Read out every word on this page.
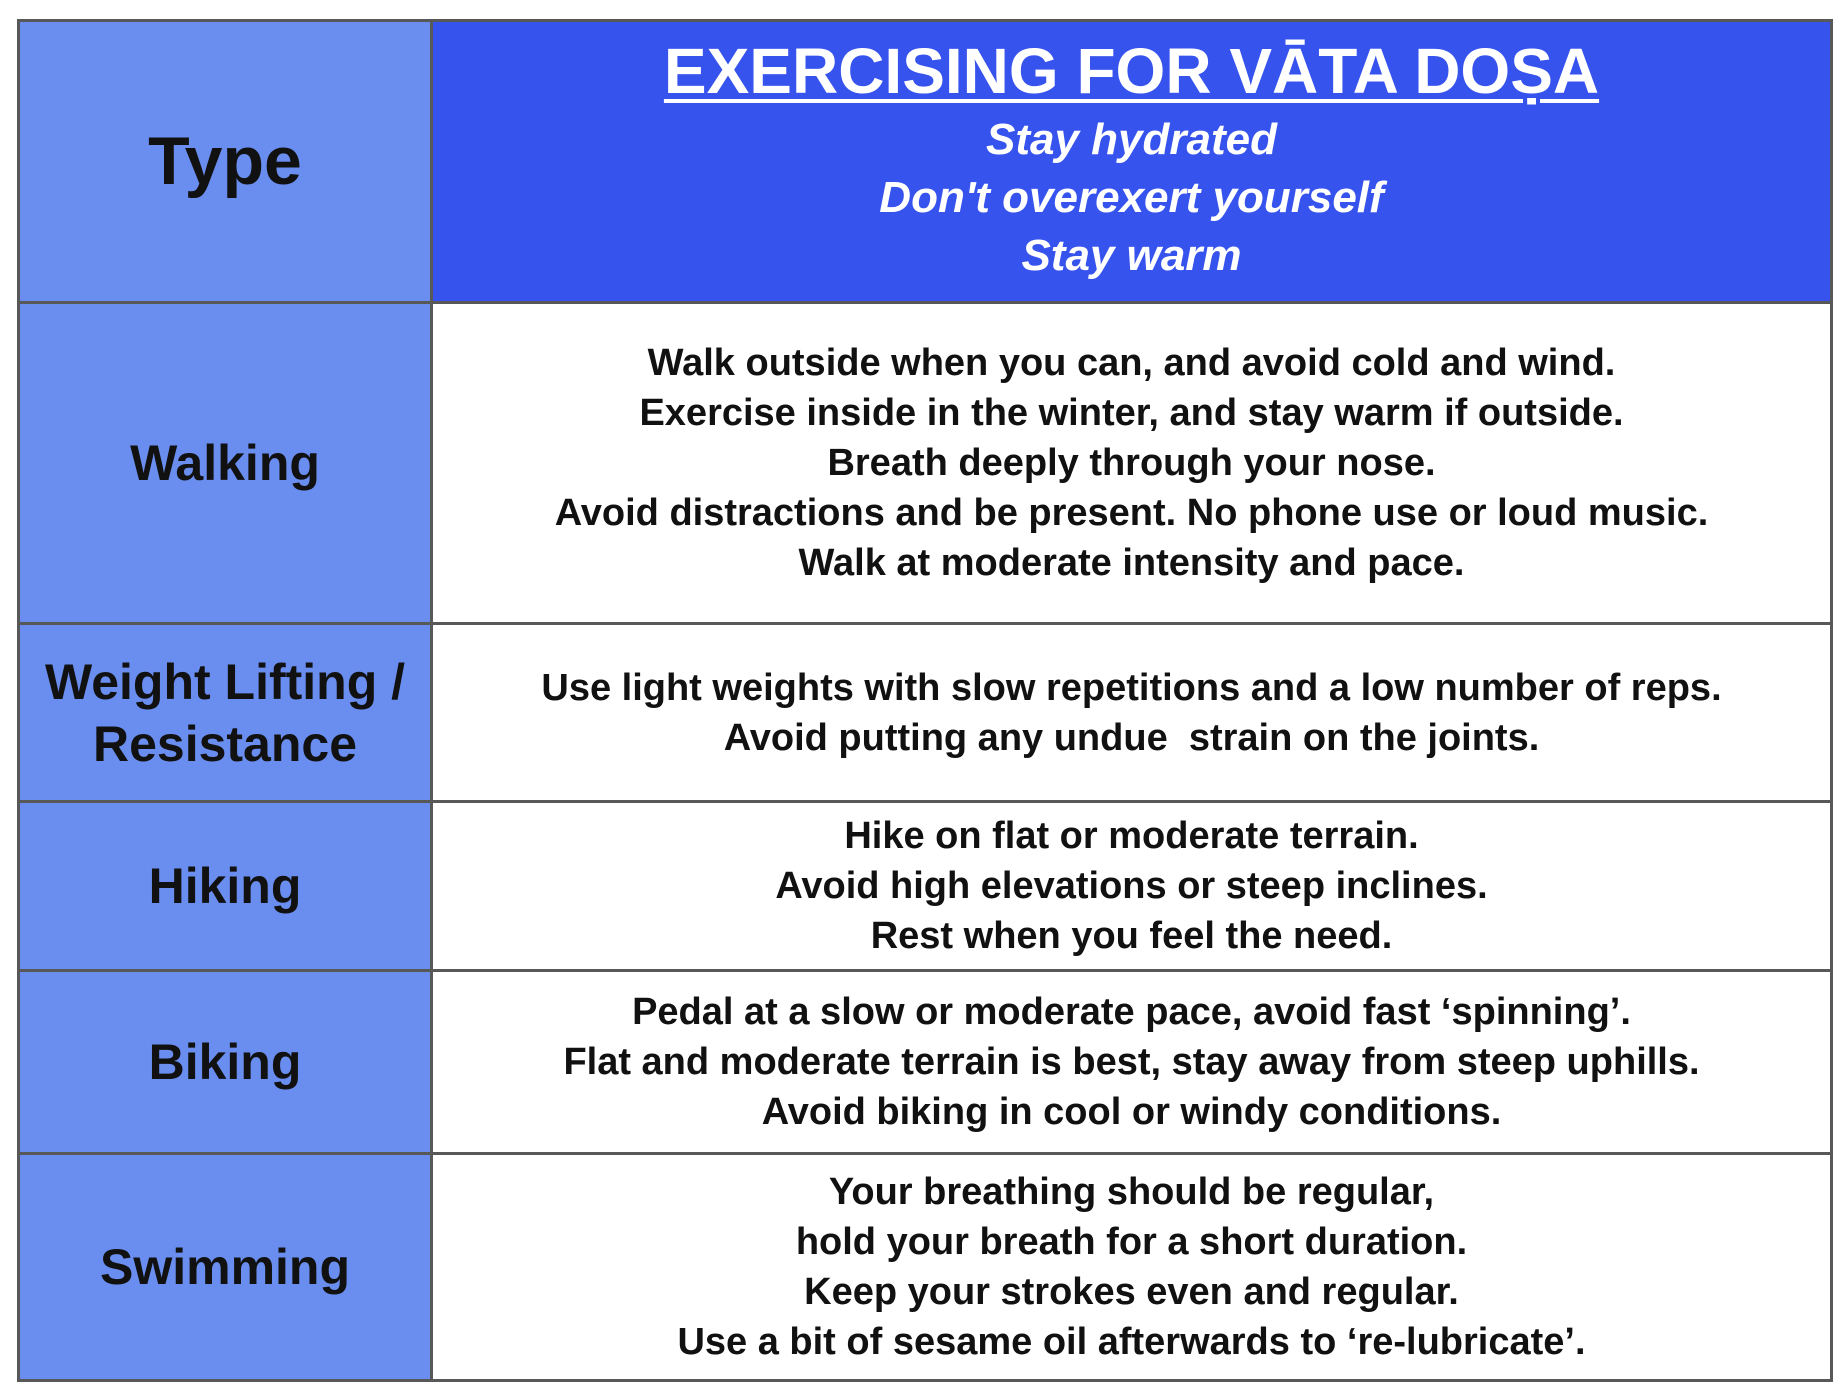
Type
EXERCISING FOR VĀTA DOṢA
Stay hydrated
Don't overexert yourself
Stay warm
Walking
Walk outside when you can, and avoid cold and wind.
Exercise inside in the winter, and stay warm if outside.
Breath deeply through your nose.
Avoid distractions and be present. No phone use or loud music.
Walk at moderate intensity and pace.
Weight Lifting /
Resistance
Use light weights with slow repetitions and a low number of reps.
Avoid putting any undue  strain on the joints.
Hiking
Hike on flat or moderate terrain.
Avoid high elevations or steep inclines.
Rest when you feel the need.
Biking
Pedal at a slow or moderate pace, avoid fast ‘spinning’.
Flat and moderate terrain is best, stay away from steep uphills.
Avoid biking in cool or windy conditions.
Swimming
Your breathing should be regular,
hold your breath for a short duration.
Keep your strokes even and regular.
Use a bit of sesame oil afterwards to ‘re-lubricate’.
